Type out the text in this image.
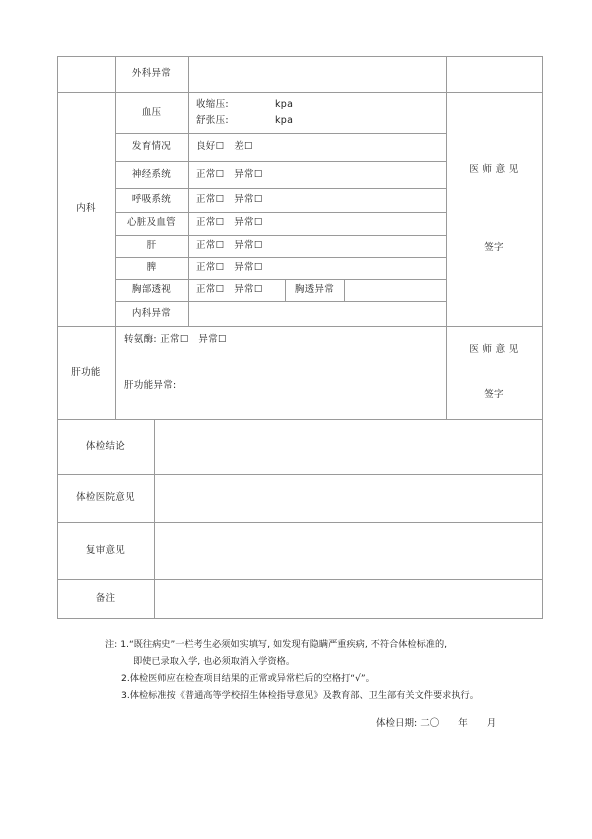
外科异常
内科
血压
收缩压:	kpa
舒张压:	kpa
发育情况	良好☐　差☐
神经系统	正常☐　异常☐
呼吸系统	正常☐　异常☐
心脏及血管	正常☐　异常☐
肝	正常☐　异常☐
脾	正常☐　异常☐
胸部透视	正常☐　异常☐	胸透异常
内科异常
医 师 意 见
签字
肝功能
转氨酶: 正常☐　异常☐
肝功能异常:
医 师 意 见
签字
体检结论
体检医院意见
复审意见
备注
注: 1.“既往病史”一栏考生必须如实填写, 如发现有隐瞒严重疾病, 不符合体检标准的,
即使已录取入学, 也必须取消入学资格。
2.体检医师应在检查项目结果的正常或异常栏后的空格打“√”。
3.体检标准按《普通高等学校招生体检指导意见》及教育部、卫生部有关文件要求执行。
体检日期: 二〇　　年　　月
